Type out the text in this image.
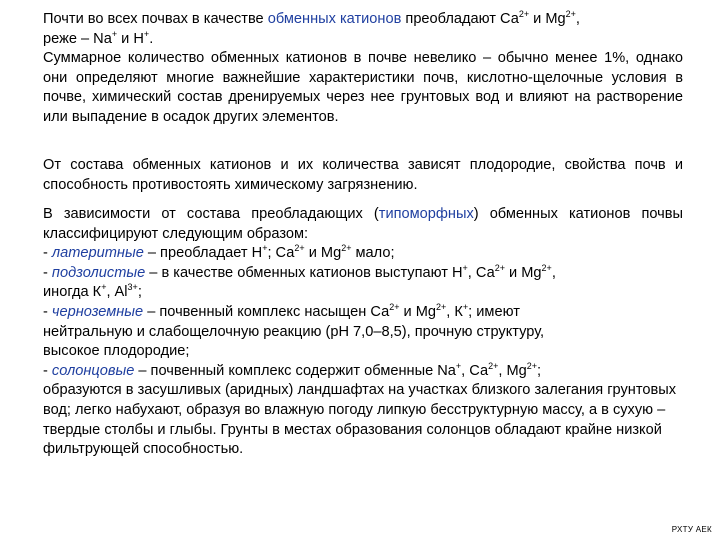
Почти во всех почвах в качестве обменных катионов преобладают $Са^{2+}$ и $Mg^{2+}$,
реже – Na+ и Н+.
Суммарное количество обменных катионов в почве невелико – обычно менее 1%, однако они определяют многие важнейшие характеристики почв, кислотно-щелочные условия в почве, химический состав дренируемых через нее грунтовых вод и влияют на растворение или выпадение в осадок других элементов.
От состава обменных катионов и их количества зависят плодородие, свойства почв и способность противостоять химическому загрязнению.
В зависимости от состава преобладающих (типоморфных) обменных катионов почвы классифицируют следующим образом:
- латеритные – преобладает Н+; $Са^{2+}$ и $Mg^{2+}$ мало;
- подзолистые – в качестве обменных катионов выступают Н+, $Са^{2+}$ и $Mg^{2+}$,
иногда К+, $Al^{3+}$;
- черноземные – почвенный комплекс насыщен $Са^{2+}$ и $Mg^{2+}$, К+; имеют
нейтральную и слабощелочную реакцию (рН 7,0–8,5), прочную структуру,
высокое плодородие;
- солонцовые – почвенный комплекс содержит обменные Na+, $Са^{2+}$, $Mg^{2+}$;
образуются в засушливых (аридных) ландшафтах на участках близкого залегания грунтовых вод; легко набухают, образуя во влажную погоду липкую бесструктурную массу, а в сухую – твердые столбы и глыбы. Грунты в местах образования солонцов обладают крайне низкой фильтрующей способностью.
РХТУ АЕК
